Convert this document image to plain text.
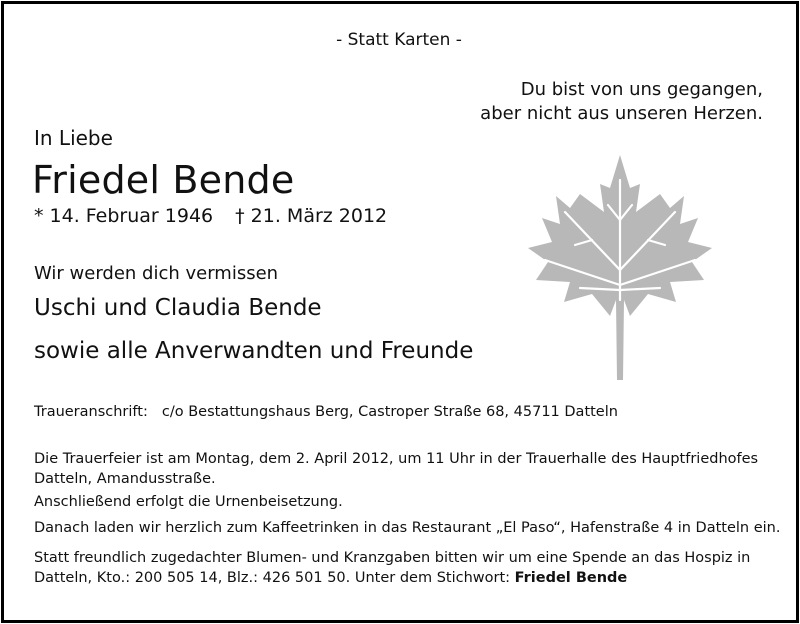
- Statt Karten -
Du bist von uns gegangen,
aber nicht aus unseren Herzen.
In Liebe
Friedel Bende
* 14. Februar 1946 † 21. März 2012
Wir werden dich vermissen
Uschi und Claudia Bende
sowie alle Anverwandten und Freunde
Traueranschrift: c/o Bestattungshaus Berg, Castroper Straße 68, 45711 Datteln
Die Trauerfeier ist am Montag, dem 2. April 2012, um 11 Uhr in der Trauerhalle des Hauptfriedhofes Datteln, Amandusstraße.
Anschließend erfolgt die Urnenbeisetzung.
Danach laden wir herzlich zum Kaffeetrinken in das Restaurant „El Paso“, Hafenstraße 4 in Datteln ein.
Statt freundlich zugedachter Blumen- und Kranzgaben bitten wir um eine Spende an das Hospiz in Datteln, Kto.: 200 505 14, Blz.: 426 501 50. Unter dem Stichwort: Friedel Bende
